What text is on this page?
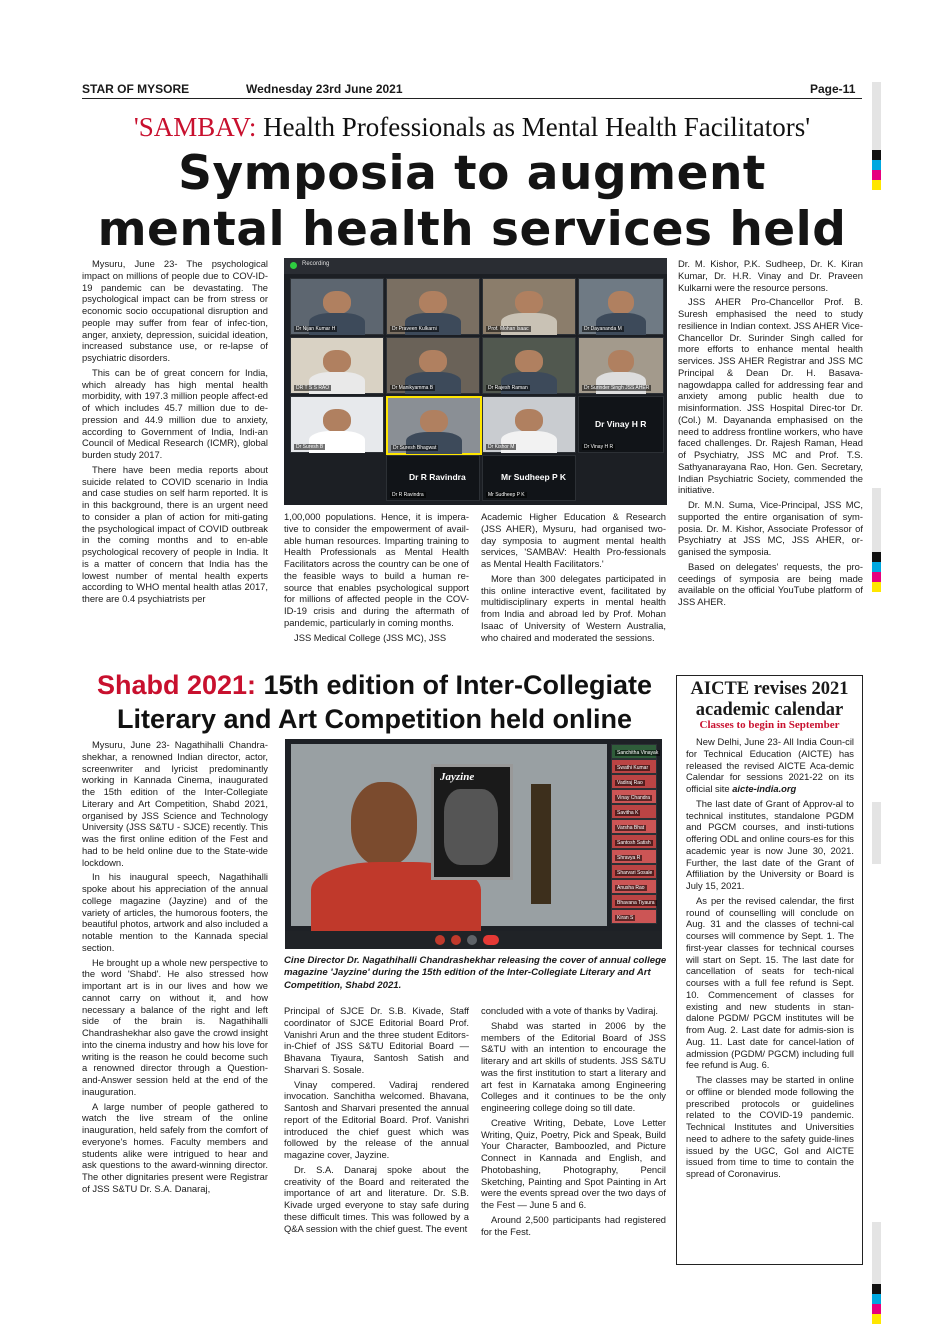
STAR OF MYSORE	Wednesday 23rd June 2021	Page-11
'SAMBAV: Health Professionals as Mental Health Facilitators'
Symposia to augment mental health services held

Mysuru, June 23- The psychological impact on millions of people due to COV-ID-19 pandemic can be devastating. The psychological impact can be from stress or economic socio occupational disruption and people may suffer from fear of infec-tion, anger, anxiety, depression, suicidal ideation, increased substance use, or re-lapse of psychiatric disorders.

This can be of great concern for India, which already has high mental health morbidity, with 197.3 million people affect-ed of which includes 45.7 million due to de-pression and 44.9 million due to anxiety, according to Government of India, Indi-an Council of Medical Research (ICMR), global burden study 2017.

There have been media reports about suicide related to COVID scenario in India and case studies on self harm reported. It is in this background, there is an urgent need to consider a plan of action for miti-gating the psychological impact of COVID outbreak in the coming months and to en-able psychological recovery of people in India. It is a matter of concern that India has the lowest number of mental health experts according to WHO mental health atlas 2017, there are 0.4 psychiatrists per

Recording
Dr Nijan Kumar H	Dr Praveen Kulkarni	Prof. Mohan Isaac	Dr Dayananda M
DR T S S RAO	Dr Manikyamma B	Dr Rajesh Raman	Dr Surinder Singh JSS AHER
Dr Suresh B	Dr Suresh Bhagwat	Dr Kishor M
Dr Vinay H R
Dr Vinay H R
Dr R Ravindra
Dr R Ravindra
Mr Sudheep P K
Mr Sudheep P K

1,00,000 populations. Hence, it is impera-tive to consider the empowerment of avail-able human resources. Imparting training to Health Professionals as Mental Health Facilitators across the country can be one of the feasible ways to build a human re-source that enables psychological support for millions of affected people in the COV-ID-19 crisis and during the aftermath of pandemic, particularly in coming months.

JSS Medical College (JSS MC), JSS

Academic Higher Education & Research (JSS AHER), Mysuru, had organised two-day symposia to augment mental health services, 'SAMBAV: Health Pro-fessionals as Mental Health Facilitators.'

More than 300 delegates participated in this online interactive event, facilitated by multidisciplinary experts in mental health from India and abroad led by Prof. Mohan Isaac of University of Western Australia, who chaired and moderated the sessions.

Dr. M. Kishor, P.K. Sudheep, Dr. K. Kiran Kumar, Dr. H.R. Vinay and Dr. Praveen Kulkarni were the resource persons.

JSS AHER Pro-Chancellor Prof. B. Suresh emphasised the need to study resilience in Indian context. JSS AHER Vice-Chancellor Dr. Surinder Singh called for more efforts to enhance mental health services. JSS AHER Registrar and JSS MC Principal & Dean Dr. H. Basava-nagowdappa called for addressing fear and anxiety among public health due to misinformation. JSS Hospital Direc-tor Dr. (Col.) M. Dayananda emphasised on the need to address frontline workers, who have faced challenges. Dr. Rajesh Raman, Head of Psychiatry, JSS MC and Prof. T.S. Sathyanarayana Rao, Hon. Gen. Secretary, Indian Psychiatric Society, commended the initiative.

Dr. M.N. Suma, Vice-Principal, JSS MC, supported the entire organisation of sym-posia. Dr. M. Kishor, Associate Professor of Psychiatry at JSS MC, JSS AHER, or-ganised the symposia.

Based on delegates' requests, the pro-ceedings of symposia are being made available on the official YouTube platform of JSS AHER.

Shabd 2021: 15th edition of Inter-Collegiate Literary and Art Competition held online

Mysuru, June 23- Nagathihalli Chandra-shekhar, a renowned Indian director, actor, screenwriter and lyricist predominantly working in Kannada Cinema, inaugurated the 15th edition of the Inter-Collegiate Literary and Art Competition, Shabd 2021, organised by JSS Science and Technology University (JSS S&TU - SJCE) recently. This was the first online edition of the Fest and had to be held online due to the State-wide lockdown.

In his inaugural speech, Nagathihalli spoke about his appreciation of the annual college magazine (Jayzine) and of the variety of articles, the humorous footers, the beautiful photos, artwork and also included a notable mention to the Kannada special section.

He brought up a whole new perspective to the word 'Shabd'. He also stressed how important art is in our lives and how we cannot carry on without it, and how necessary a balance of the right and left side of the brain is. Nagathihalli Chandrashekhar also gave the crowd insight into the cinema industry and how his love for writing is the reason he could become such a renowned director through a Question-and-Answer session held at the end of the inauguration.

A large number of people gathered to watch the live stream of the online inauguration, held safely from the comfort of everyone's homes. Faculty members and students alike were intrigued to hear and ask questions to the award-winning director. The other dignitaries present were Registrar of JSS S&TU Dr. S.A. Danaraj,

Jayzine
Sanchitha Vinayak
Swathi Kumar
Vadiraj Rao
Vinay Chandra
Savitha K
Varsha Bhat
Santosh Satish
Shravya R
Sharvari Sosale
Anusha Rao
Bhavana Tiyaura
Kiran S
Cine Director Dr. Nagathihalli Chandrashekhar releasing the cover of annual college magazine 'Jayzine' during the 15th edition of the Inter-Collegiate Literary and Art Competition, Shabd 2021.

Principal of SJCE Dr. S.B. Kivade, Staff coordinator of SJCE Editorial Board Prof. Vanishri Arun and the three student Editors-in-Chief of JSS S&TU Editorial Board — Bhavana Tiyaura, Santosh Satish and Sharvari S. Sosale.

Vinay compered. Vadiraj rendered invocation. Sanchitha welcomed. Bhavana, Santosh and Sharvari presented the annual report of the Editorial Board. Prof. Vanishri introduced the chief guest which was followed by the release of the annual magazine cover, Jayzine.

Dr. S.A. Danaraj spoke about the creativity of the Board and reiterated the importance of art and literature. Dr. S.B. Kivade urged everyone to stay safe during these difficult times. This was followed by a Q&A session with the chief guest. The event

concluded with a vote of thanks by Vadiraj.

Shabd was started in 2006 by the members of the Editorial Board of JSS S&TU with an intention to encourage the literary and art skills of students. JSS S&TU was the first institution to start a literary and art fest in Karnataka among Engineering Colleges and it continues to be the only engineering college doing so till date.

Creative Writing, Debate, Love Letter Writing, Quiz, Poetry, Pick and Speak, Build Your Character, Bamboozled, and Picture Connect in Kannada and English, and Photobashing, Photography, Pencil Sketching, Painting and Spot Painting in Art were the events spread over the two days of the Fest — June 5 and 6.

Around 2,500 participants had registered for the Fest.

AICTE revises 2021 academic calendar
Classes to begin in September

New Delhi, June 23- All India Coun-cil for Technical Education (AICTE) has released the revised AICTE Aca-demic Calendar for sessions 2021-22 on its official site aicte-india.org

The last date of Grant of Approv-al to technical institutes, standalone PGDM and PGCM courses, and insti-tutions offering ODL and online cours-es for this academic year is now June 30, 2021. Further, the last date of the Grant of Affiliation by the University or Board is July 15, 2021.

As per the revised calendar, the first round of counselling will conclude on Aug. 31 and the classes of techni-cal courses will commence by Sept. 1. The first-year classes for technical courses will start on Sept. 15. The last date for cancellation of seats for tech-nical courses with a full fee refund is Sept. 10. Commencement of classes for existing and new students in stan-dalone PGDM/ PGCM institutes will be from Aug. 2. Last date for admis-sion is Aug. 11. Last date for cancel-lation of admission (PGDM/ PGCM) including full fee refund is Aug. 6.

The classes may be started in online or offline or blended mode following the prescribed protocols or guidelines related to the COVID-19 pandemic. Technical Institutes and Universities need to adhere to the safety guide-lines issued by the UGC, GoI and AICTE issued from time to time to contain the spread of Coronavirus.
